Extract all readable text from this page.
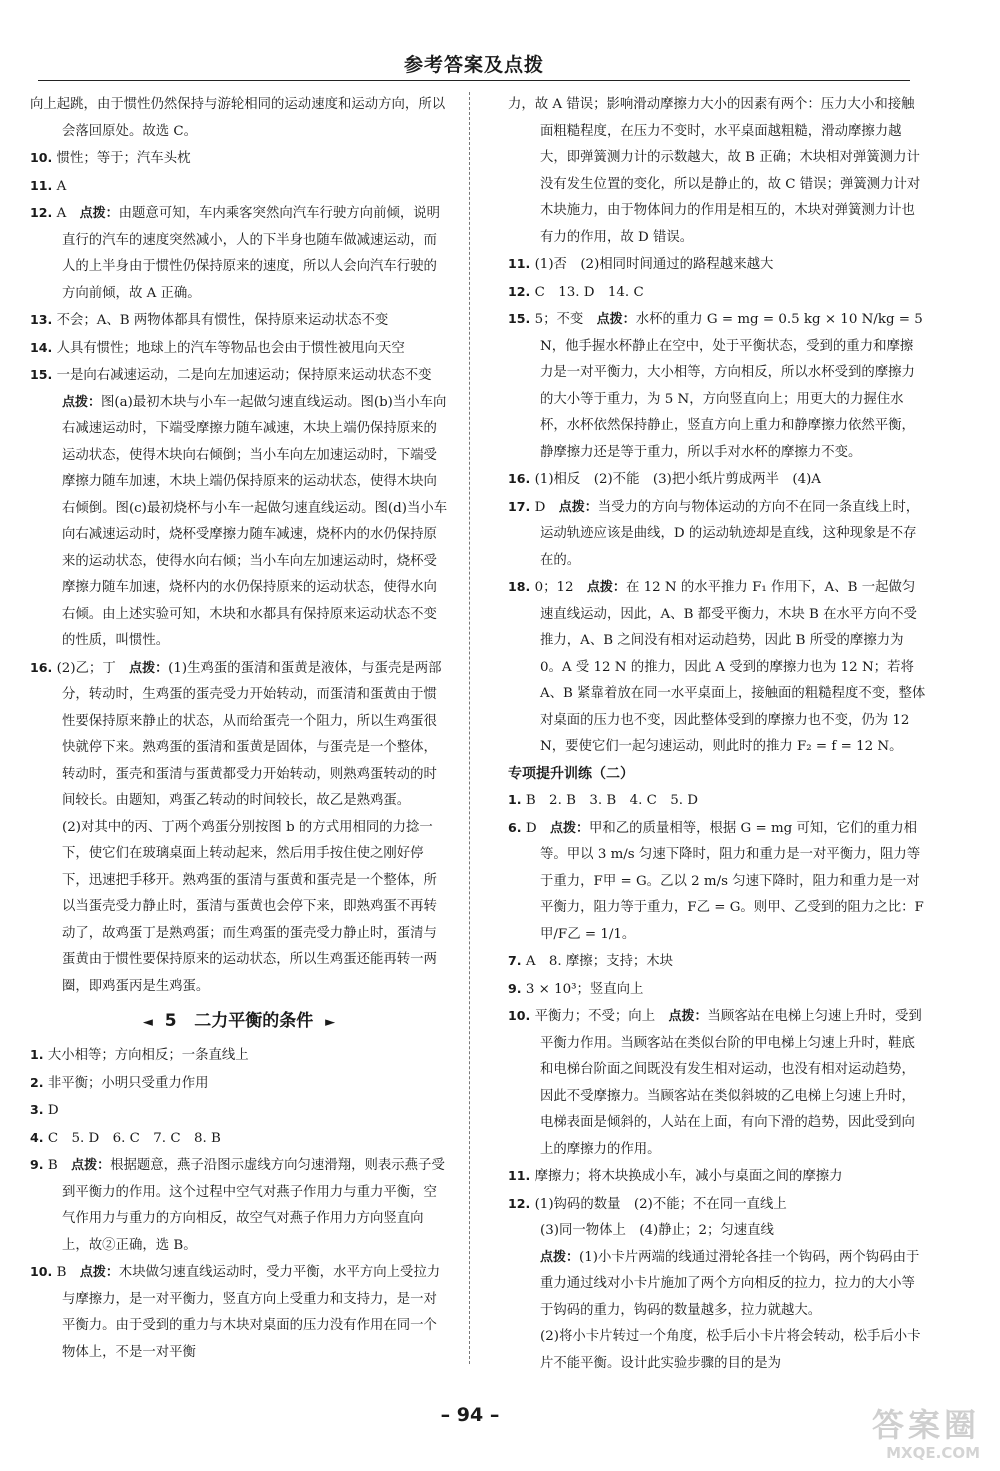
参考答案及点拨

向上起跳，由于惯性仍然保持与游轮相同的运动速度和运动方向，所以会落回原处。故选 C。

10. 惯性；等于；汽车头枕

11. A

12. A　 点拨：由题意可知，车内乘客突然向汽车行驶方向前倾，说明直行的汽车的速度突然减小，人的下半身也随车做减速运动，而人的上半身由于惯性仍保持原来的速度，所以人会向汽车行驶的方向前倾，故 A 正确。

13. 不会；A、B 两物体都具有惯性，保持原来运动状态不变

14. 人具有惯性；地球上的汽车等物品也会由于惯性被甩向天空

15. 一是向右减速运动，二是向左加速运动；保持原来运动状态不变　点拨：图(a)最初木块与小车一起做匀速直线运动。图(b)当小车向右减速运动时，下端受摩擦力随车减速，木块上端仍保持原来的运动状态，使得木块向右倾倒；当小车向左加速运动时，下端受摩擦力随车加速，木块上端仍保持原来的运动状态，使得木块向右倾倒。图(c)最初烧杯与小车一起做匀速直线运动。图(d)当小车向右减速运动时，烧杯受摩擦力随车减速，烧杯内的水仍保持原来的运动状态，使得水向右倾；当小车向左加速运动时，烧杯受摩擦力随车加速，烧杯内的水仍保持原来的运动状态，使得水向右倾。由上述实验可知，木块和水都具有保持原来运动状态不变的性质，叫惯性。

16. (2)乙；丁　 点拨：(1)生鸡蛋的蛋清和蛋黄是液体，与蛋壳是两部分，转动时，生鸡蛋的蛋壳受力开始转动，而蛋清和蛋黄由于惯性要保持原来静止的状态，从而给蛋壳一个阻力，所以生鸡蛋很快就停下来。熟鸡蛋的蛋清和蛋黄是固体，与蛋壳是一个整体，转动时，蛋壳和蛋清与蛋黄都受力开始转动，则熟鸡蛋转动的时间较长。由题知，鸡蛋乙转动的时间较长，故乙是熟鸡蛋。

(2)对其中的丙、丁两个鸡蛋分别按图 b 的方式用相同的力捻一下，使它们在玻璃桌面上转动起来，然后用手按住使之刚好停下，迅速把手移开。熟鸡蛋的蛋清与蛋黄和蛋壳是一个整体，所以当蛋壳受力静止时，蛋清与蛋黄也会停下来，即熟鸡蛋不再转动了，故鸡蛋丁是熟鸡蛋；而生鸡蛋的蛋壳受力静止时，蛋清与蛋黄由于惯性要保持原来的运动状态，所以生鸡蛋还能再转一两圈，即鸡蛋丙是生鸡蛋。

◄ 5 二力平衡的条件 ►

1. 大小相等；方向相反；一条直线上

2. 非平衡；小明只受重力作用

3. D

4. C　5. D　6. C　7. C　8. B

9. B　 点拨：根据题意，燕子沿图示虚线方向匀速滑翔，则表示燕子受到平衡力的作用。这个过程中空气对燕子作用力与重力平衡，空气作用力与重力的方向相反，故空气对燕子作用力方向竖直向上，故②正确，选 B。

10. B　 点拨：木块做匀速直线运动时，受力平衡，水平方向上受拉力与摩擦力，是一对平衡力，竖直方向上受重力和支持力，是一对平衡力。由于受到的重力与木块对桌面的压力没有作用在同一个物体上，不是一对平衡

力，故 A 错误；影响滑动摩擦力大小的因素有两个：压力大小和接触面粗糙程度，在压力不变时，水平桌面越粗糙，滑动摩擦力越大，即弹簧测力计的示数越大，故 B 正确；木块相对弹簧测力计没有发生位置的变化，所以是静止的，故 C 错误；弹簧测力计对木块施力，由于物体间力的作用是相互的，木块对弹簧测力计也有力的作用，故 D 错误。

11. (1)否　(2)相同时间通过的路程越来越大

12. C　13. D　14. C

15. 5；不变　 点拨：水杯的重力 G = mg = 0.5 kg × 10 N/kg = 5 N，他手握水杯静止在空中，处于平衡状态，受到的重力和摩擦力是一对平衡力，大小相等，方向相反，所以水杯受到的摩擦力的大小等于重力，为 5 N，方向竖直向上；用更大的力握住水杯，水杯依然保持静止，竖直方向上重力和静摩擦力依然平衡，静摩擦力还是等于重力，所以手对水杯的摩擦力不变。

16. (1)相反　(2)不能　(3)把小纸片剪成两半　(4)A

17. D　 点拨：当受力的方向与物体运动的方向不在同一条直线上时，运动轨迹应该是曲线，D 的运动轨迹却是直线，这种现象是不存在的。

18. 0；12　 点拨：在 12 N 的水平推力 F₁ 作用下，A、B 一起做匀速直线运动，因此，A、B 都受平衡力，木块 B 在水平方向不受推力，A、B 之间没有相对运动趋势，因此 B 所受的摩擦力为 0。A 受 12 N 的推力，因此 A 受到的摩擦力也为 12 N；若将 A、B 紧靠着放在同一水平桌面上，接触面的粗糙程度不变，整体对桌面的压力也不变，因此整体受到的摩擦力也不变，仍为 12 N，要使它们一起匀速运动，则此时的推力 F₂ = f = 12 N。

专项提升训练（二）

1. B　2. B　3. B　4. C　5. D

6. D　 点拨：甲和乙的质量相等，根据 G = mg 可知，它们的重力相等。甲以 3 m/s 匀速下降时，阻力和重力是一对平衡力，阻力等于重力，F甲 = G。乙以 2 m/s 匀速下降时，阻力和重力是一对平衡力，阻力等于重力，F乙 = G。则甲、乙受到的阻力之比：F甲/F乙 = 1/1。

7. A　8. 摩擦；支持；木块

9. 3 × 10³；竖直向上

10. 平衡力；不受；向上　 点拨：当顾客站在电梯上匀速上升时，受到平衡力作用。当顾客站在类似台阶的甲电梯上匀速上升时，鞋底和电梯台阶面之间既没有发生相对运动，也没有相对运动趋势，因此不受摩擦力。当顾客站在类似斜坡的乙电梯上匀速上升时，电梯表面是倾斜的，人站在上面，有向下滑的趋势，因此受到向上的摩擦力的作用。

11. 摩擦力；将木块换成小车，减小与桌面之间的摩擦力

12. (1)钩码的数量　(2)不能；不在同一直线上

(3)同一物体上　(4)静止；2；匀速直线

点拨：(1)小卡片两端的线通过滑轮各挂一个钩码，两个钩码由于重力通过线对小卡片施加了两个方向相反的拉力，拉力的大小等于钩码的重力，钩码的数量越多，拉力就越大。

(2)将小卡片转过一个角度，松手后小卡片将会转动，松手后小卡片不能平衡。设计此实验步骤的目的是为

– 94 –	答案圈
MXQE.COM
